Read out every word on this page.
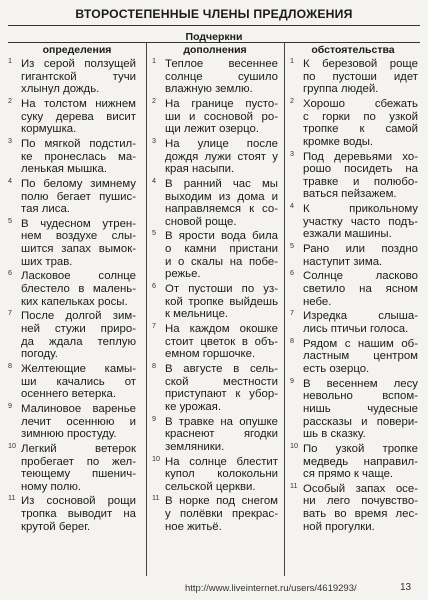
ВТОРОСТЕПЕННЫЕ ЧЛЕНЫ ПРЕДЛОЖЕНИЯ
Подчеркни
определения	дополнения	обстоятельства
1 Из серой ползущей
гигантской тучи
хлынул дождь.
2 На толстом нижнем
суку дерева висит
кормушка.
3 По мягкой подстил-
ке пронеслась ма-
ленькая мышка.
4 По белому зимнему
полю бегает пушис-
тая лиса.
5 В чудесном утрен-
нем воздухе слы-
шится запах вымок-
ших трав.
6 Ласковое солнце
блестело в малень-
ких капельках росы.
7 После долгой зим-
ней стужи приро-
да ждала теплую
погоду.
8 Желтеющие камы-
ши качались от
осеннего ветерка.
9 Малиновое варенье
лечит осеннюю и
зимнюю простуду.
10 Легкий ветерок
пробегает по жел-
теющему пшенич-
ному полю.
11 Из сосновой рощи
тропка выводит на
крутой берег.
1 Теплое весеннее
солнце сушило
влажную землю.
2 На границе пусто-
ши и сосновой ро-
щи лежит озерцо.
3 На улице после
дождя лужи стоят у
края насыпи.
4 В ранний час мы
выходим из дома и
направляемся к со-
сновой роще.
5 В ярости вода била
о камни пристани
и о скалы на побе-
режье.
6 От пустоши по уз-
кой тропке выйдешь
к мельнице.
7 На каждом окошке
стоит цветок в объ-
емном горшочке.
8 В августе в сель-
ской местности
приступают к убор-
ке урожая.
9 В травке на опушке
краснеют ягодки
земляники.
10 На солнце блестит
купол колокольни
сельской церкви.
11 В норке под снегом
у полёвки прекрас-
ное житьё.
1 К березовой роще
по пустоши идет
группа людей.
2 Хорошо сбежать
с горки по узкой
тропке к самой
кромке воды.
3 Под деревьями хо-
рошо посидеть на
травке и полюбо-
ваться пейзажем.
4 К прикольному
участку часто подъ-
езжали машины.
5 Рано или поздно
наступит зима.
6 Солнце ласково
светило на ясном
небе.
7 Изредка слыша-
лись птичьи голоса.
8 Рядом с нашим об-
ластным центром
есть озерцо.
9 В весеннем лесу
невольно вспом-
нишь чудесные
рассказы и повери-
шь в сказку.
10 По узкой тропке
медведь направил-
ся прямо к чаще.
11 Особый запах осе-
ни лего почувство-
вать во время лес-
ной прогулки.
http://www.liveinternet.ru/users/4619293/	13
